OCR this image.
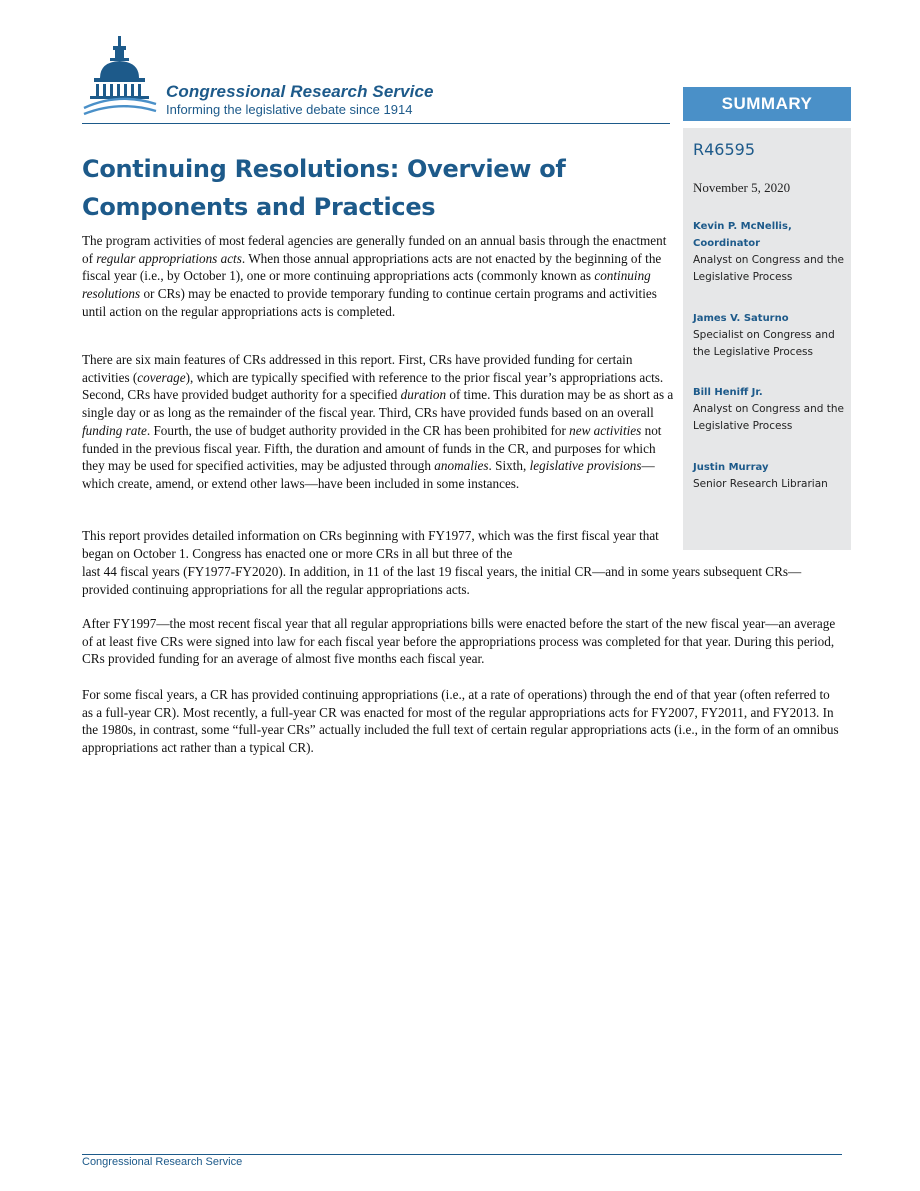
Congressional Research Service
Informing the legislative debate since 1914	SUMMARY
R46595
November 5, 2020
Kevin P. McNellis,
Coordinator
Analyst on Congress and the Legislative Process
James V. Saturno
Specialist on Congress and the Legislative Process
Bill Heniff Jr.
Analyst on Congress and the Legislative Process
Justin Murray
Senior Research Librarian
Continuing Resolutions: Overview of Components and Practices

The program activities of most federal agencies are generally funded on an annual basis through the enactment of regular appropriations acts. When those annual appropriations acts are not enacted by the beginning of the fiscal year (i.e., by October 1), one or more continuing appropriations acts (commonly known as continuing resolutions or CRs) may be enacted to provide temporary funding to continue certain programs and activities until action on the regular appropriations acts is completed.

There are six main features of CRs addressed in this report. First, CRs have provided funding for certain activities (coverage), which are typically specified with reference to the prior fiscal year’s appropriations acts. Second, CRs have provided budget authority for a specified duration of time. This duration may be as short as a single day or as long as the remainder of the fiscal year. Third, CRs have provided funds based on an overall funding rate. Fourth, the use of budget authority provided in the CR has been prohibited for new activities not funded in the previous fiscal year. Fifth, the duration and amount of funds in the CR, and purposes for which they may be used for specified activities, may be adjusted through anomalies. Sixth, legislative provisions—which create, amend, or extend other laws—have been included in some instances.

This report provides detailed information on CRs beginning with FY1977, which was the first fiscal year that began on October 1. Congress has enacted one or more CRs in all but three of the

last 44 fiscal years (FY1977-FY2020). In addition, in 11 of the last 19 fiscal years, the initial CR—and in some years subsequent CRs—provided continuing appropriations for all the regular appropriations acts.

After FY1997—the most recent fiscal year that all regular appropriations bills were enacted before the start of the new fiscal year—an average of at least five CRs were signed into law for each fiscal year before the appropriations process was completed for that year. During this period, CRs provided funding for an average of almost five months each fiscal year.

For some fiscal years, a CR has provided continuing appropriations (i.e., at a rate of operations) through the end of that year (often referred to as a full-year CR). Most recently, a full-year CR was enacted for most of the regular appropriations acts for FY2007, FY2011, and FY2013. In the 1980s, in contrast, some “full-year CRs” actually included the full text of certain regular appropriations acts (i.e., in the form of an omnibus appropriations act rather than a typical CR).

Congressional Research Service
